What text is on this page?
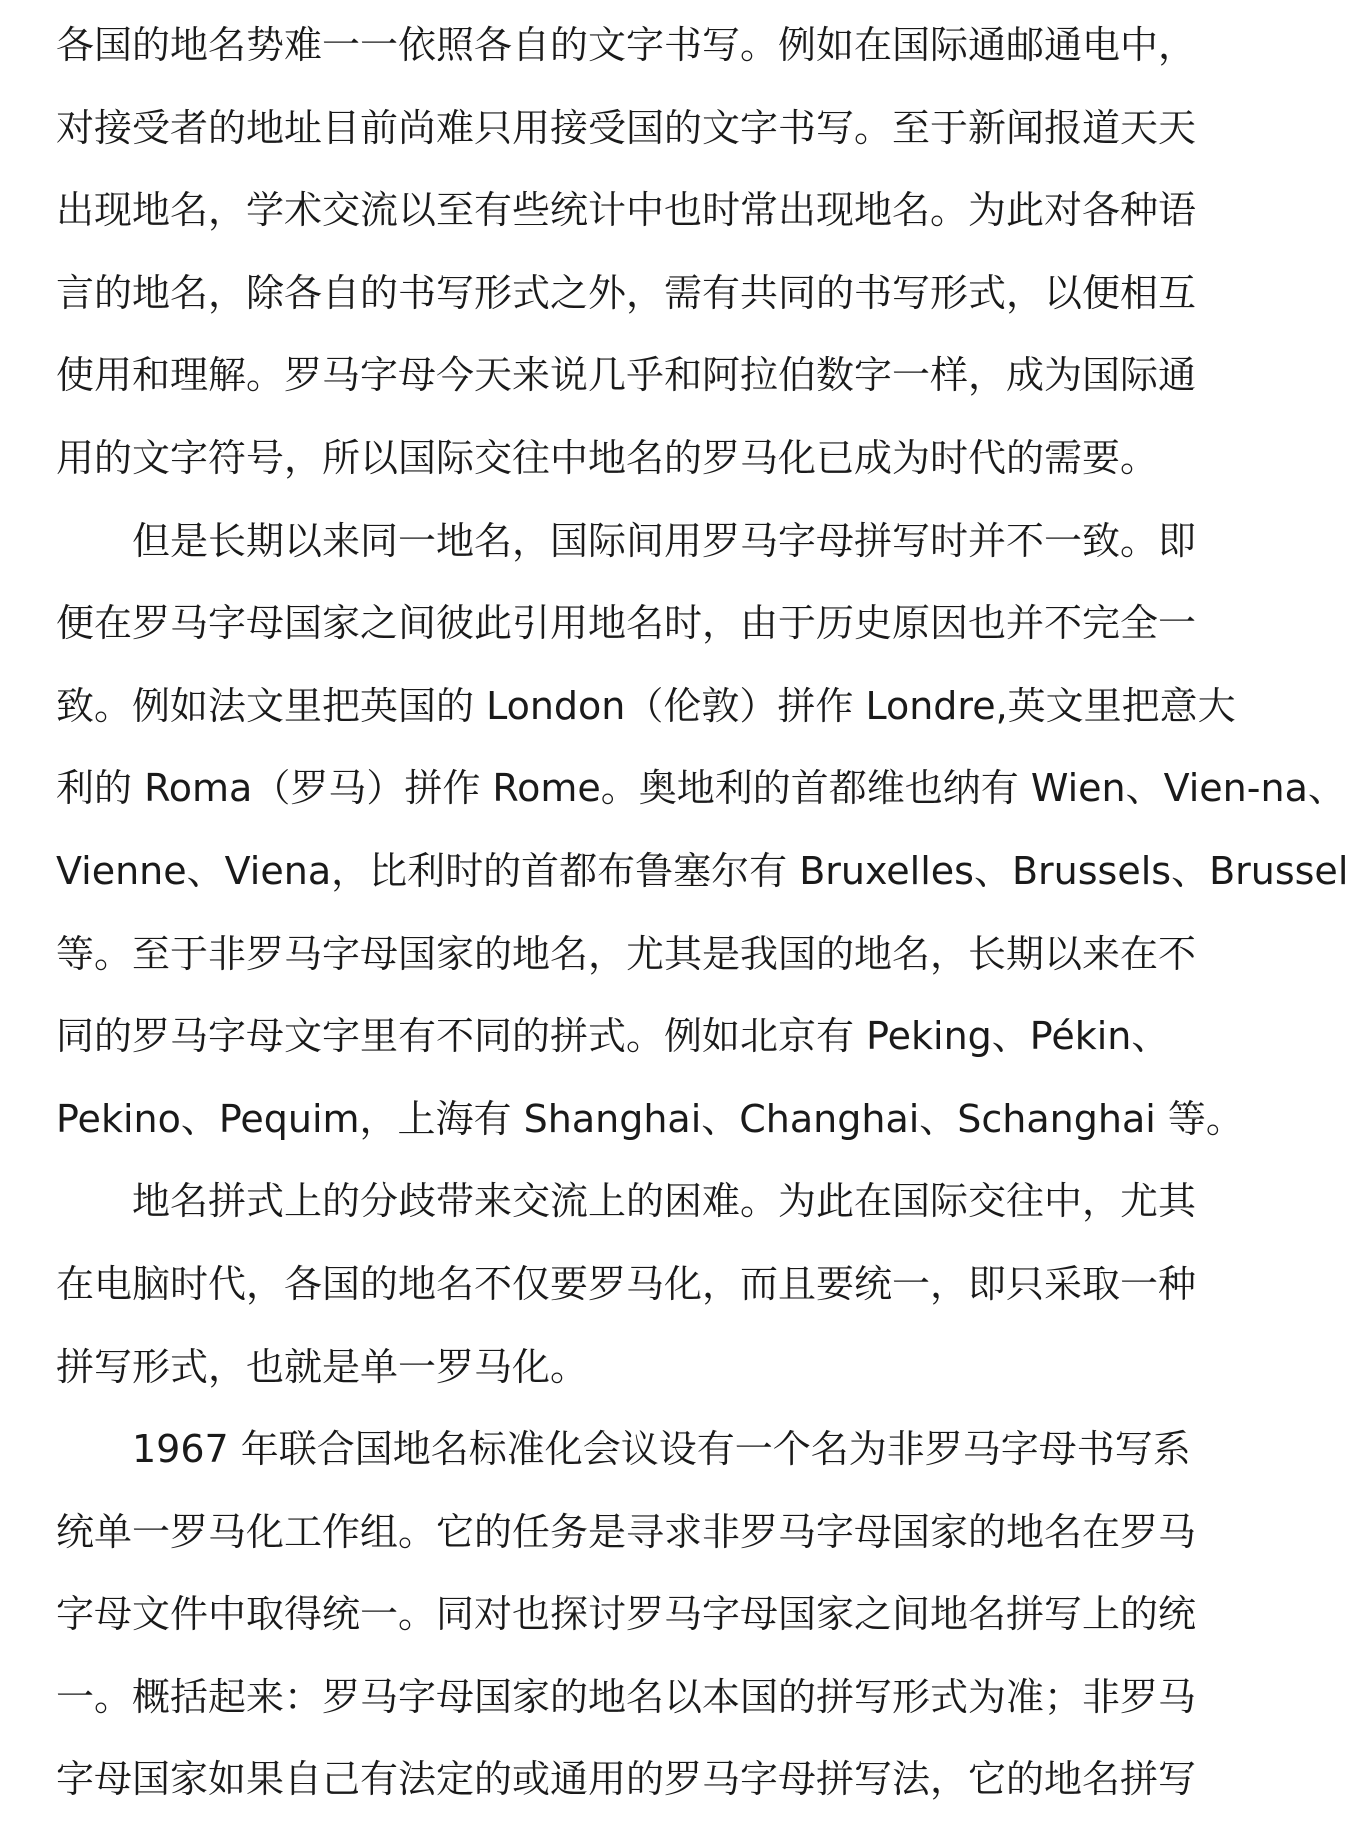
各国的地名势难一一依照各自的文字书写。例如在国际通邮通电中，
对接受者的地址目前尚难只用接受国的文字书写。至于新闻报道天天
出现地名，学术交流以至有些统计中也时常出现地名。为此对各种语
言的地名，除各自的书写形式之外，需有共同的书写形式，以便相互
使用和理解。罗马字母今天来说几乎和阿拉伯数字一样，成为国际通
用的文字符号，所以国际交往中地名的罗马化已成为时代的需要。
但是长期以来同一地名，国际间用罗马字母拼写时并不一致。即
便在罗马字母国家之间彼此引用地名时，由于历史原因也并不完全一
致。例如法文里把英国的 London（伦敦）拼作 Londre,英文里把意大
利的 Roma（罗马）拼作 Rome。奥地利的首都维也纳有 Wien、Vien-na、
Vienne、Viena，比利时的首都布鲁塞尔有 Bruxelles、Brussels、Brussel
等。至于非罗马字母国家的地名，尤其是我国的地名，长期以来在不
同的罗马字母文字里有不同的拼式。例如北京有 Peking、Pékin、
Pekino、Pequim，上海有 Shanghai、Changhai、Schanghai 等。
地名拼式上的分歧带来交流上的困难。为此在国际交往中，尤其
在电脑时代，各国的地名不仅要罗马化，而且要统一，即只采取一种
拼写形式，也就是单一罗马化。
1967 年联合国地名标准化会议设有一个名为非罗马字母书写系
统单一罗马化工作组。它的任务是寻求非罗马字母国家的地名在罗马
字母文件中取得统一。同对也探讨罗马字母国家之间地名拼写上的统
一。概括起来：罗马字母国家的地名以本国的拼写形式为准；非罗马
字母国家如果自己有法定的或通用的罗马字母拼写法，它的地名拼写
